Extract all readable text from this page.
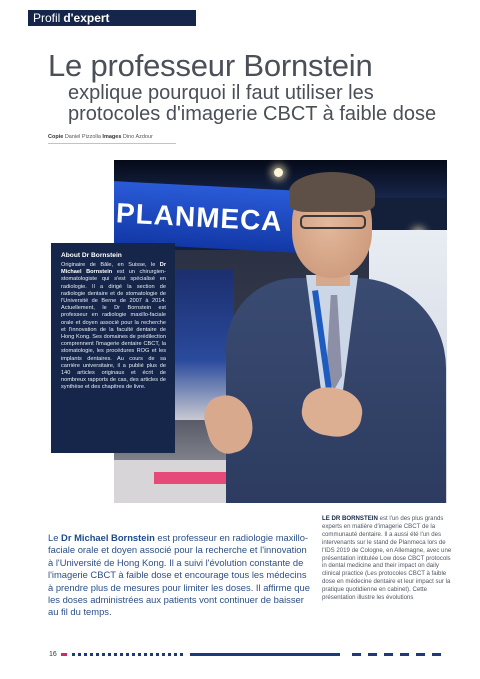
Profil d'expert
Le professeur Bornstein
explique pourquoi il faut utiliser les protocoles d'imagerie CBCT à faible dose
Copie Daniel Pizzolla Images Dino Azdour
PLANMECA
About Dr Bornstein

Originaire de Bâle, en Suisse, le Dr Michael Bornstein est un chirurgien-stomatologiste qui s'est spécialisé en radiologie. Il a dirigé la section de radiologie dentaire et de stomatologie de l'Université de Berne de 2007 à 2014. Actuellement, le Dr Bornstein est professeur en radiologie maxillo-faciale orale et doyen associé pour la recherche et l'innovation de la faculté dentaire de Hong Kong. Ses domaines de prédilection comprennent l'imagerie dentaire CBCT, la stomatologie, les procédures ROG et les implants dentaires. Au cours de sa carrière universitaire, il a publié plus de 140 articles originaux et écrit de nombreux rapports de cas, des articles de synthèse et des chapitres de livre.

Le Dr Michael Bornstein est professeur en radiologie maxillo-faciale orale et doyen associé pour la recherche et l'innovation à l'Université de Hong Kong. Il a suivi l'évolution constante de l'imagerie CBCT à faible dose et encourage tous les médecins à prendre plus de mesures pour limiter les doses. Il affirme que les doses administrées aux patients vont continuer de baisser au fil du temps.

LE DR BORNSTEIN est l'un des plus grands experts en matière d'imagerie CBCT de la communauté dentaire. Il a aussi été l'un des intervenants sur le stand de Planmeca lors de l'IDS 2019 de Cologne, en Allemagne, avec une présentation intitulée Low dose CBCT protocols in dental medicine and their impact on daily clinical practice (Les protocoles CBCT à faible dose en médecine dentaire et leur impact sur la pratique quotidienne en cabinet). Cette présentation illustre les évolutions

16
